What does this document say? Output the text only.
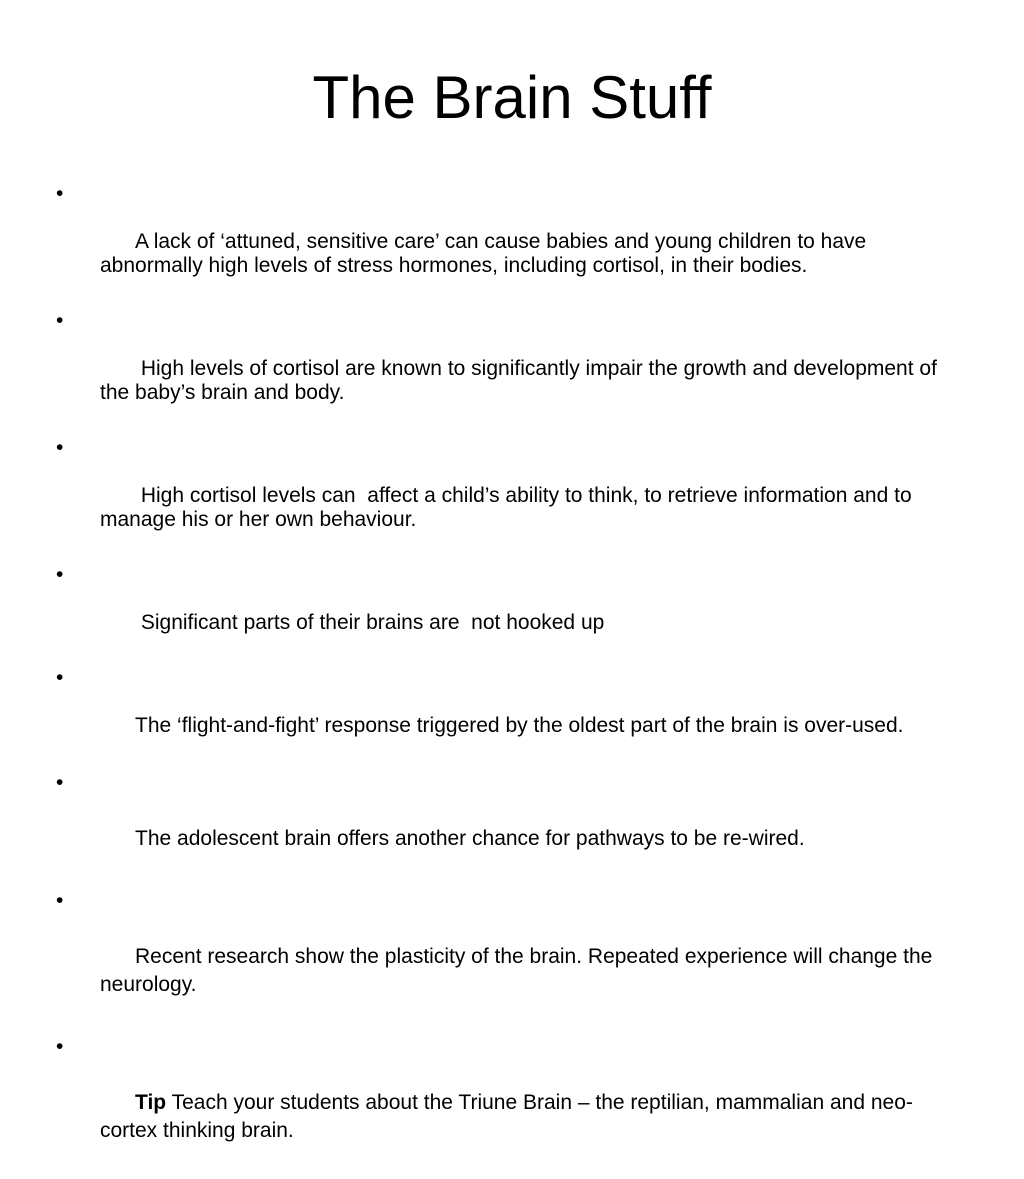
The Brain Stuff

•

A lack of ‘attuned, sensitive care’ can cause babies and young children to have abnormally high levels of stress hormones, including cortisol, in their bodies.

•

High levels of cortisol are known to significantly impair the growth and development of the baby’s brain and body.

•

High cortisol levels can  affect a child’s ability to think, to retrieve information and to manage his or her own behaviour.

•

Significant parts of their brains are  not hooked up

•

The ‘flight-and-fight’ response triggered by the oldest part of the brain is over-used.

•

The adolescent brain offers another chance for pathways to be re-wired.

•

Recent research show the plasticity of the brain. Repeated experience will change the neurology.

•

Tip Teach your students about the Triune Brain – the reptilian, mammalian and neo-cortex thinking brain.
